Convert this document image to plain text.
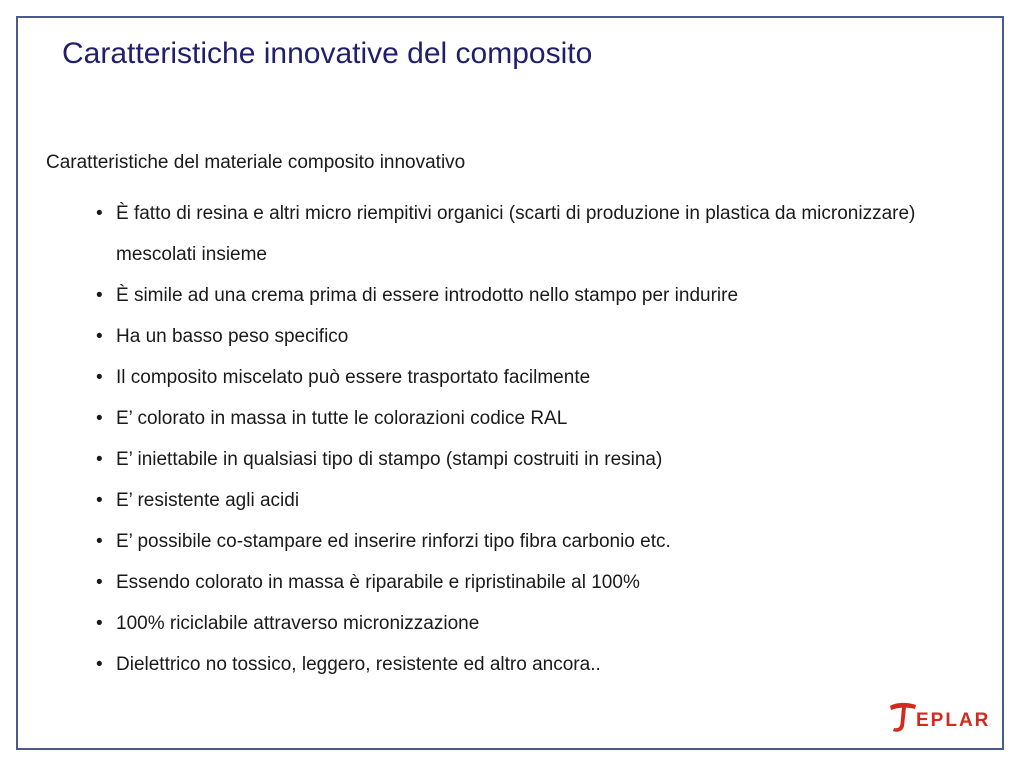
Caratteristiche innovative del composito
Caratteristiche del materiale composito innovativo
• È fatto di resina e altri micro riempitivi organici (scarti di produzione in plastica da micronizzare) mescolati insieme
• È simile ad una crema prima di essere introdotto nello stampo per indurire
• Ha un basso peso specifico
• Il composito miscelato può essere trasportato facilmente
• E’ colorato in massa in tutte le colorazioni codice RAL
• E’ iniettabile in qualsiasi tipo di stampo (stampi costruiti in resina)
• E’ resistente agli acidi
• E’ possibile co-stampare ed inserire rinforzi tipo fibra carbonio etc.
• Essendo colorato in massa è riparabile e ripristinabile al 100%
• 100% riciclabile attraverso micronizzazione
• Dielettrico no tossico, leggero, resistente ed altro ancora..
EPLAR
